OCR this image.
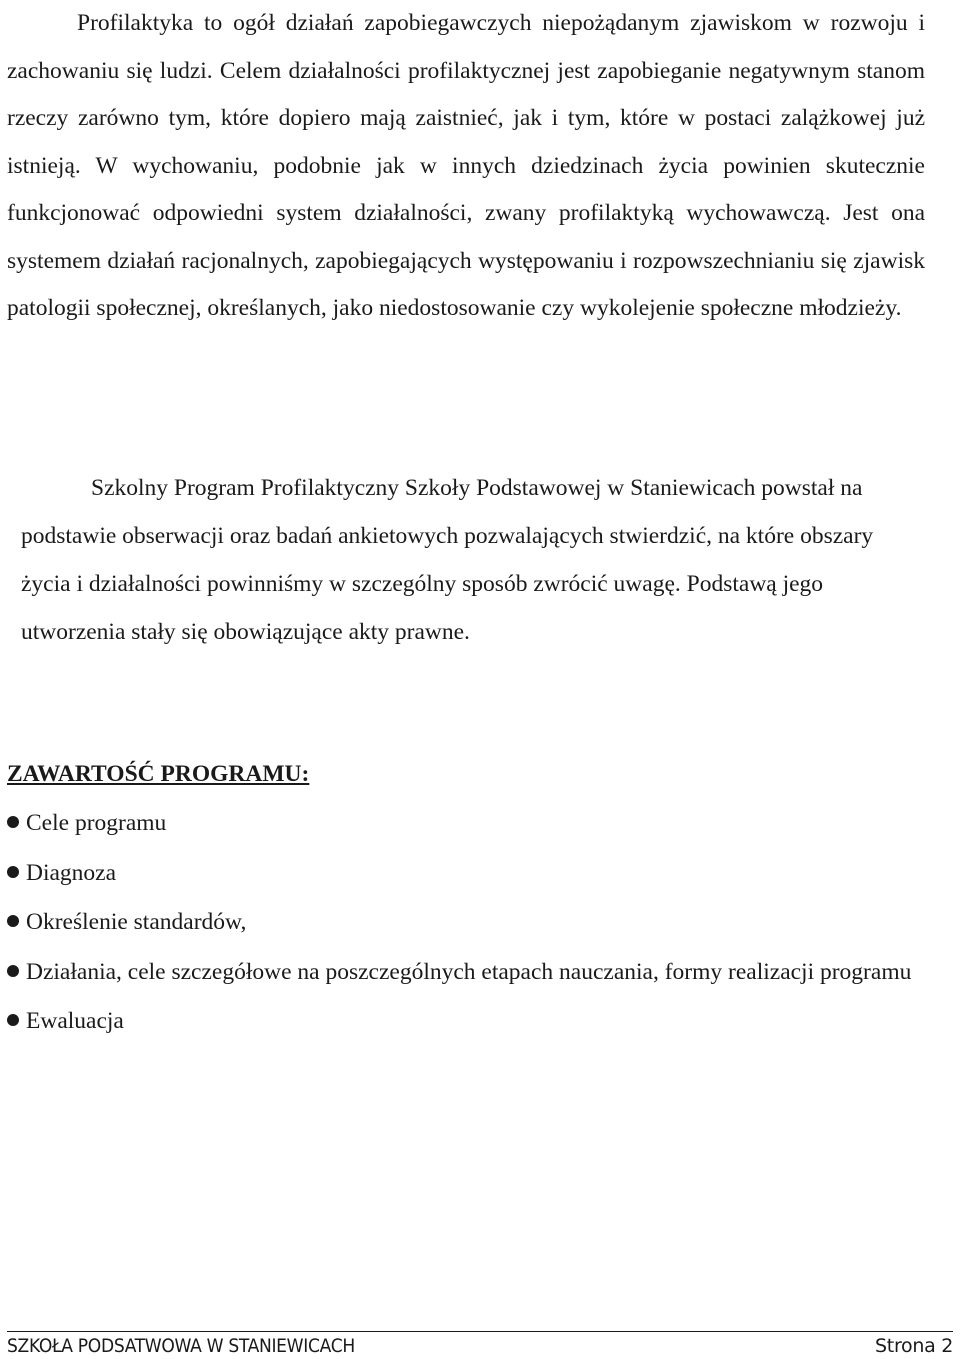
Profilaktyka to ogół działań zapobiegawczych niepożądanym zjawiskom w rozwoju i zachowaniu się ludzi. Celem działalności profilaktycznej jest zapobieganie negatywnym stanom rzeczy zarówno tym, które dopiero mają zaistnieć, jak i tym, które w postaci zalążkowej już istnieją. W wychowaniu, podobnie jak w innych dziedzinach życia powinien skutecznie funkcjonować odpowiedni system działalności, zwany profilaktyką wychowawczą. Jest ona systemem działań racjonalnych, zapobiegających występowaniu i rozpowszechnianiu się zjawisk patologii społecznej, określanych, jako niedostosowanie czy wykolejenie społeczne młodzieży.

Szkolny Program Profilaktyczny Szkoły Podstawowej w Staniewicach powstał na podstawie obserwacji oraz badań ankietowych pozwalających stwierdzić, na które obszary życia i działalności powinniśmy w szczególny sposób zwrócić uwagę. Podstawą jego utworzenia stały się obowiązujące akty prawne.

ZAWARTOŚĆ PROGRAMU:
Cele programu
Diagnoza
Określenie standardów,
Działania, cele szczegółowe na poszczególnych etapach nauczania, formy realizacji programu
Ewaluacja
SZKOŁA PODSATWOWA W STANIEWICACH	Strona 2
